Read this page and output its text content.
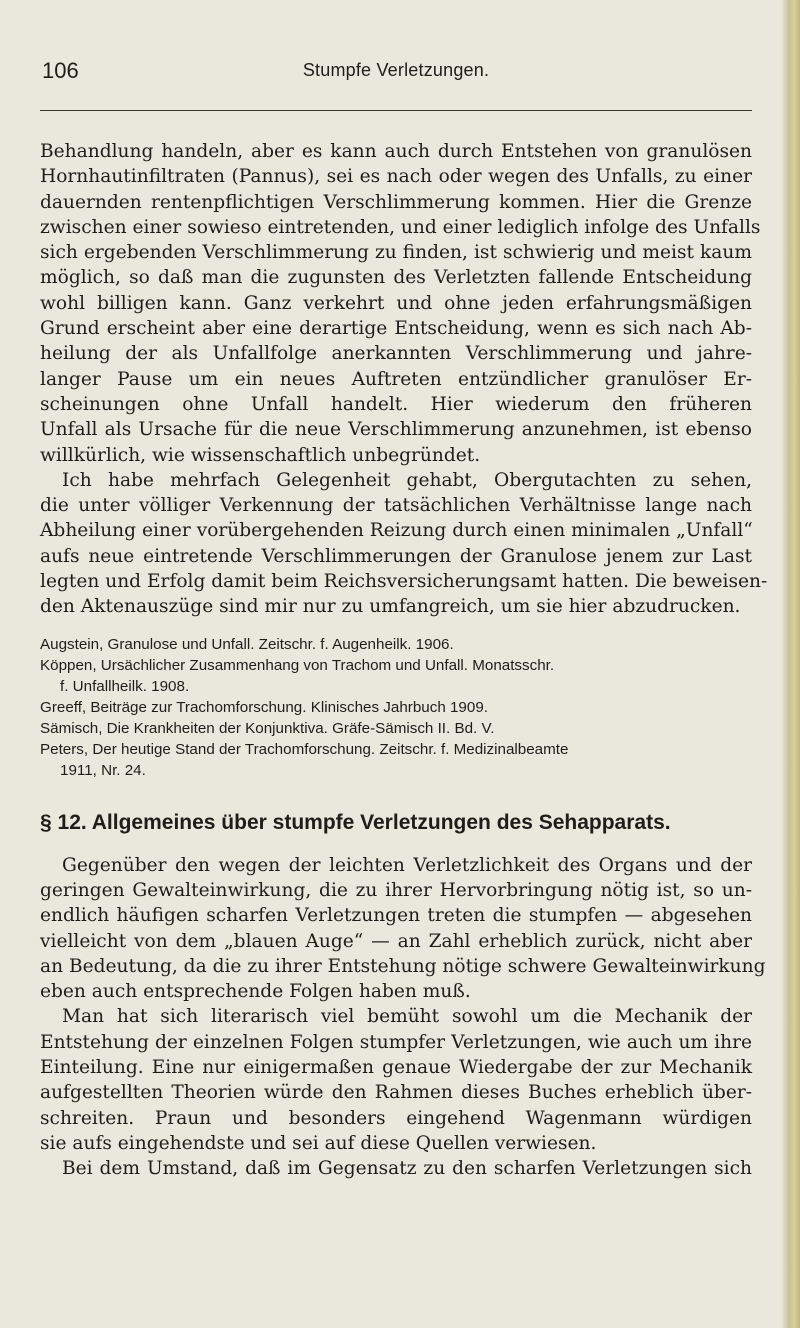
106	Stumpfe Verletzungen.

Behandlung handeln, aber es kann auch durch Entstehen von granulösen
Hornhautinfiltraten (Pannus), sei es nach oder wegen des Unfalls, zu einer
dauernden rentenpflichtigen Verschlimmerung kommen. Hier die Grenze
zwischen einer sowieso eintretenden, und einer lediglich infolge des Unfalls
sich ergebenden Verschlimmerung zu finden, ist schwierig und meist kaum
möglich, so daß man die zugunsten des Verletzten fallende Entscheidung
wohl billigen kann. Ganz verkehrt und ohne jeden erfahrungsmäßigen
Grund erscheint aber eine derartige Entscheidung, wenn es sich nach Ab-
heilung der als Unfallfolge anerkannten Verschlimmerung und jahre-
langer Pause um ein neues Auftreten entzündlicher granulöser Er-
scheinungen ohne Unfall handelt. Hier wiederum den früheren
Unfall als Ursache für die neue Verschlimmerung anzunehmen, ist ebenso
willkürlich, wie wissenschaftlich unbegründet.

Ich habe mehrfach Gelegenheit gehabt, Obergutachten zu sehen,
die unter völliger Verkennung der tatsächlichen Verhältnisse lange nach
Abheilung einer vorübergehenden Reizung durch einen minimalen „Unfall“
aufs neue eintretende Verschlimmerungen der Granulose jenem zur Last
legten und Erfolg damit beim Reichsversicherungsamt hatten. Die beweisen-
den Aktenauszüge sind mir nur zu umfangreich, um sie hier abzudrucken.

Augstein, Granulose und Unfall. Zeitschr. f. Augenheilk. 1906.
Köppen, Ursächlicher Zusammenhang von Trachom und Unfall. Monatsschr.
f. Unfallheilk. 1908.
Greeff, Beiträge zur Trachomforschung. Klinisches Jahrbuch 1909.
Sämisch, Die Krankheiten der Konjunktiva. Gräfe-Sämisch II. Bd. V.
Peters, Der heutige Stand der Trachomforschung. Zeitschr. f. Medizinalbeamte
1911, Nr. 24.
§ 12. Allgemeines über stumpfe Verletzungen des Sehapparats.

Gegenüber den wegen der leichten Verletzlichkeit des Organs und der
geringen Gewalteinwirkung, die zu ihrer Hervorbringung nötig ist, so un-
endlich häufigen scharfen Verletzungen treten die stumpfen — abgesehen
vielleicht von dem „blauen Auge“ — an Zahl erheblich zurück, nicht aber
an Bedeutung, da die zu ihrer Entstehung nötige schwere Gewalteinwirkung
eben auch entsprechende Folgen haben muß.

Man hat sich literarisch viel bemüht sowohl um die Mechanik der
Entstehung der einzelnen Folgen stumpfer Verletzungen, wie auch um ihre
Einteilung. Eine nur einigermaßen genaue Wiedergabe der zur Mechanik
aufgestellten Theorien würde den Rahmen dieses Buches erheblich über-
schreiten. Praun und besonders eingehend Wagenmann würdigen
sie aufs eingehendste und sei auf diese Quellen verwiesen.

Bei dem Umstand, daß im Gegensatz zu den scharfen Verletzungen sich
